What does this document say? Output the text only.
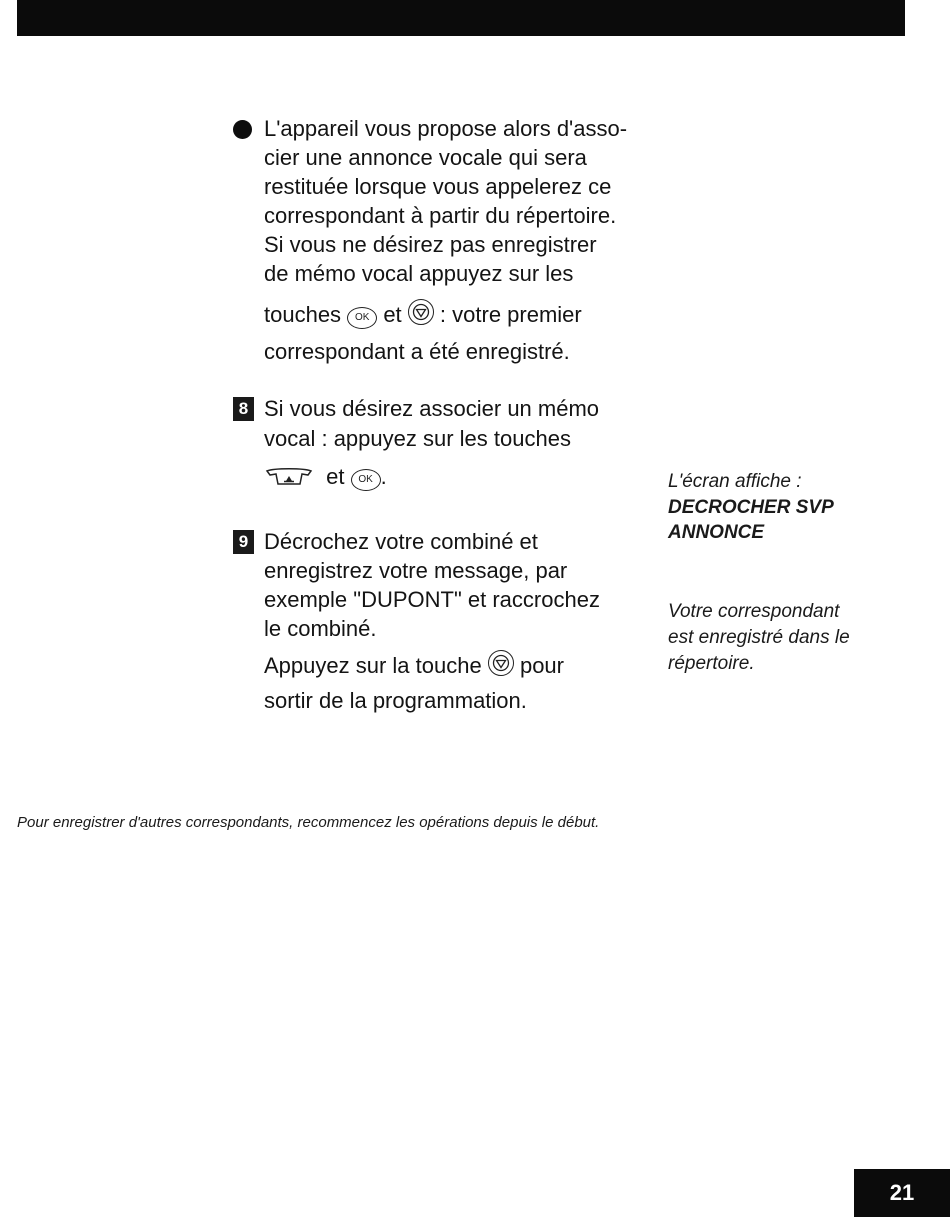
L'appareil vous propose alors d'asso-
cier une annonce vocale qui sera
restituée lorsque vous appelerez ce
correspondant à partir du répertoire.
Si vous ne désirez pas enregistrer
de mémo vocal appuyez sur les
touches OK et : votre premier
correspondant a été enregistré.
8 Si vous désirez associer un mémo
vocal : appuyez sur les touches
et OK .
9 Décrochez votre combiné et
enregistrez votre message, par
exemple "DUPONT" et raccrochez
le combiné.
Appuyez sur la touche pour
sortir de la programmation.
L'écran affiche :
DECROCHER SVP
ANNONCE
Votre correspondant
est enregistré dans le
répertoire.
Pour enregistrer d'autres correspondants, recommencez les opérations depuis le début.
21
